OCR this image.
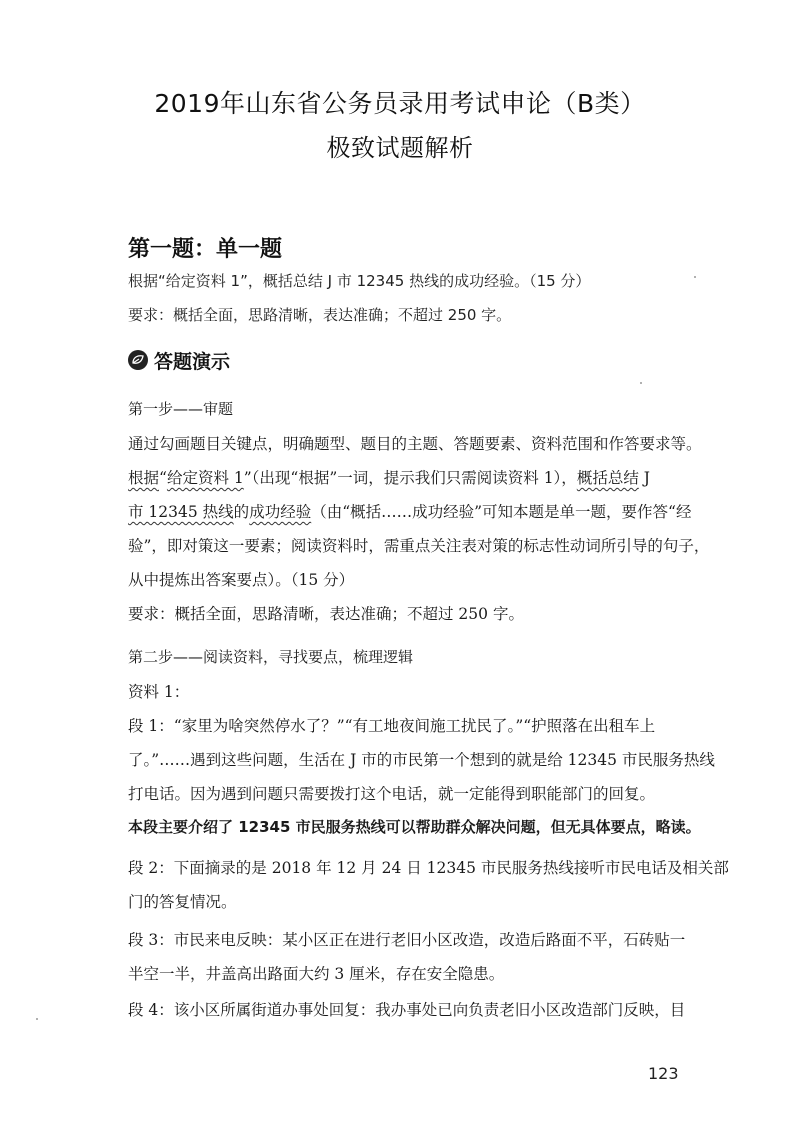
2019年山东省公务员录用考试申论（B类）
极致试题解析
第一题：单一题
根据“给定资料 1”，概括总结 J 市 12345 热线的成功经验。（15 分）
要求：概括全面，思路清晰，表达准确；不超过 250 字。
答题演示
第一步——审题
通过勾画题目关键点，明确题型、题目的主题、答题要素、资料范围和作答要求等。
根据“给定资料 1”（出现“根据”一词，提示我们只需阅读资料 1），概括总结 J
市 12345 热线的成功经验（由“概括……成功经验”可知本题是单一题，要作答“经
验”，即对策这一要素；阅读资料时，需重点关注表对策的标志性动词所引导的句子，
从中提炼出答案要点）。（15 分）
要求：概括全面，思路清晰，表达准确；不超过 250 字。
第二步——阅读资料，寻找要点，梳理逻辑
资料 1：
段 1：“家里为啥突然停水了？”“有工地夜间施工扰民了。”“护照落在出租车上
了。”……遇到这些问题，生活在 J 市的市民第一个想到的就是给 12345 市民服务热线
打电话。因为遇到问题只需要拨打这个电话，就一定能得到职能部门的回复。
本段主要介绍了 12345 市民服务热线可以帮助群众解决问题，但无具体要点，略读。
段 2：下面摘录的是 2018 年 12 月 24 日 12345 市民服务热线接听市民电话及相关部
门的答复情况。
段 3：市民来电反映：某小区正在进行老旧小区改造，改造后路面不平，石砖贴一
半空一半，井盖高出路面大约 3 厘米，存在安全隐患。
段 4：该小区所属街道办事处回复：我办事处已向负责老旧小区改造部门反映，目
123
